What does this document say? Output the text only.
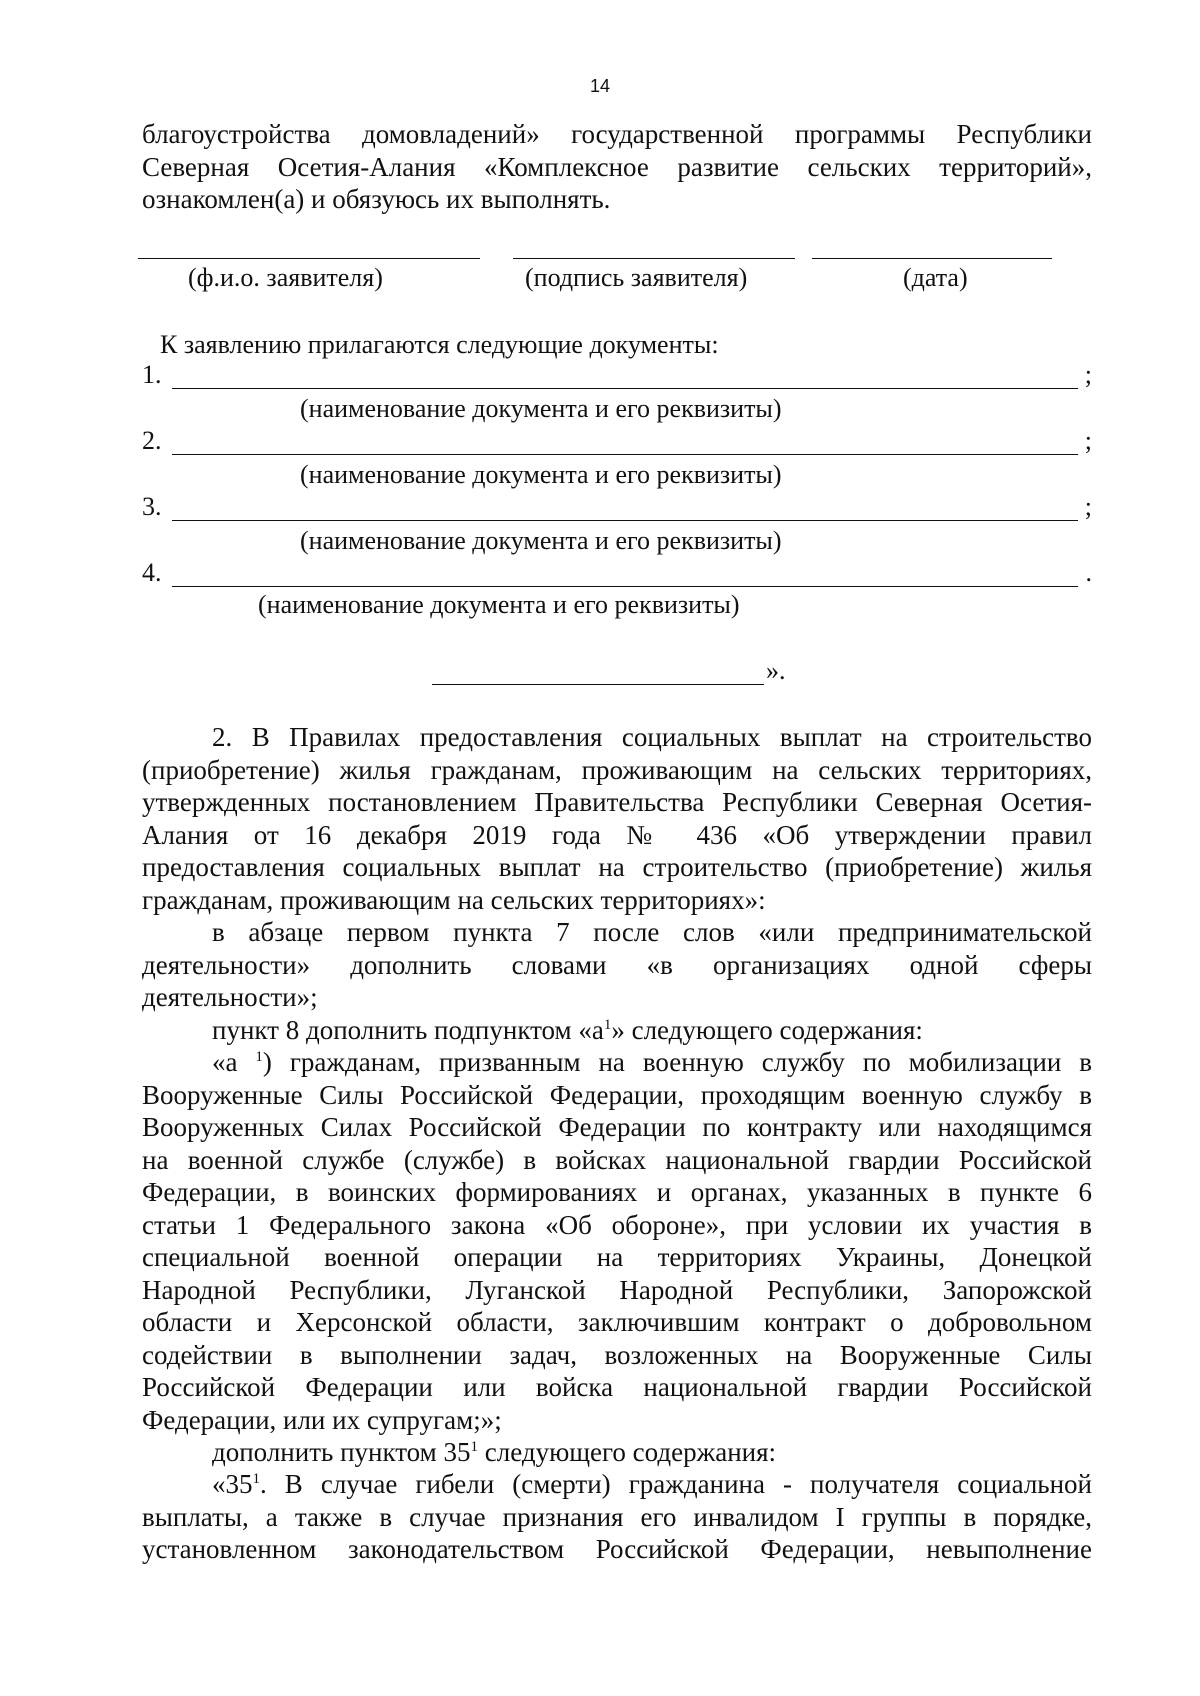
14
благоустройства домовладений» государственной программы Республики
Северная Осетия-Алания «Комплексное развитие сельских территорий»,
ознакомлен(а) и обязуюсь их выполнять.
(ф.и.о. заявителя)	(подпись заявителя)	(дата)
К заявлению прилагаются следующие документы:
1.	;
(наименование документа и его реквизиты)
2.	;
(наименование документа и его реквизиты)
3.	;
(наименование документа и его реквизиты)
4.	.
(наименование документа и его реквизиты)
».
2. В Правилах предоставления социальных выплат на строительство
(приобретение) жилья гражданам, проживающим на сельских территориях,
утвержденных постановлением Правительства Республики Северная Осетия-
Алания от 16 декабря 2019 года № 436 «Об утверждении правил
предоставления социальных выплат на строительство (приобретение) жилья
гражданам, проживающим на сельских территориях»:
в абзаце первом пункта 7 после слов «или предпринимательской
деятельности» дополнить словами «в организациях одной сферы
деятельности»;
пункт 8 дополнить подпунктом «$а^1$» следующего содержания:
«а $^1$) гражданам, призванным на военную службу по мобилизации в
Вооруженные Силы Российской Федерации, проходящим военную службу в
Вооруженных Силах Российской Федерации по контракту или находящимся
на военной службе (службе) в войсках национальной гвардии Российской
Федерации, в воинских формированиях и органах, указанных в пункте 6
статьи 1 Федерального закона «Об обороне», при условии их участия в
специальной военной операции на территориях Украины, Донецкой
Народной Республики, Луганской Народной Республики, Запорожской
области и Херсонской области, заключившим контракт о добровольном
содействии в выполнении задач, возложенных на Вооруженные Силы
Российской Федерации или войска национальной гвардии Российской
Федерации, или их супругам;»;
дополнить пунктом $35^1$ следующего содержания:
«$35^1$. В случае гибели (смерти) гражданина - получателя социальной
выплаты, а также в случае признания его инвалидом I группы в порядке,
установленном законодательством Российской Федерации, невыполнение
